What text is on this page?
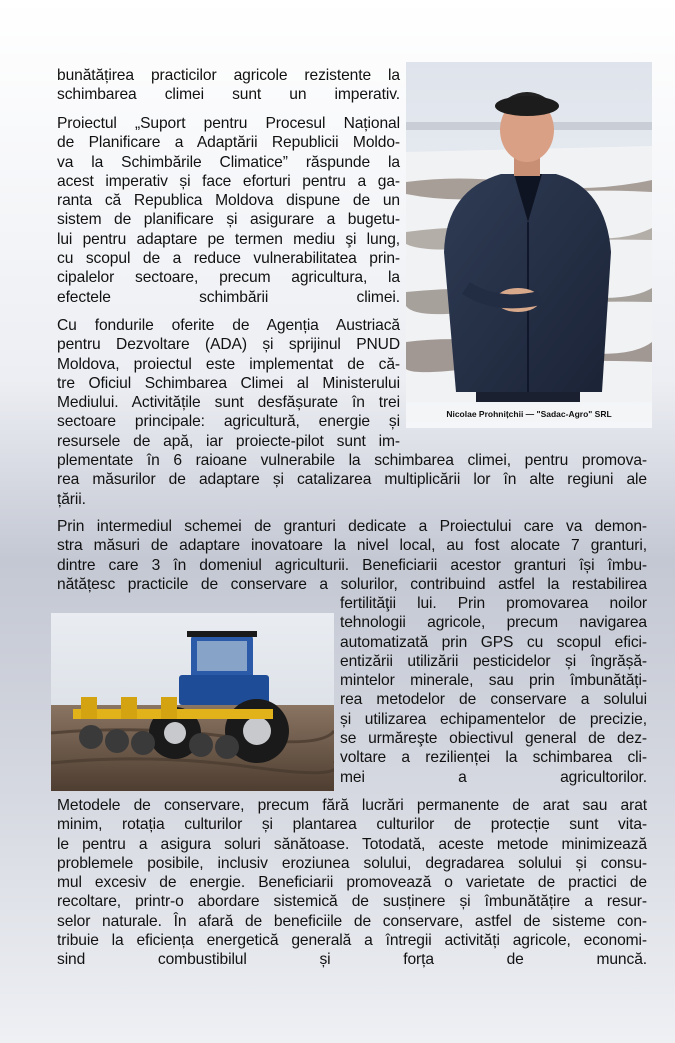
bunătățirea practicilor agricole rezistente la
schimbarea climei sunt un imperativ.
Proiectul „Suport pentru Procesul Național
de Planificare a Adaptării Republicii Moldo-
va la Schimbările Climatice” răspunde la
acest imperativ și face eforturi pentru a ga-
ranta că Republica Moldova dispune de un
sistem de planificare și asigurare a bugetu-
lui pentru adaptare pe termen mediu şi lung,
cu scopul de a reduce vulnerabilitatea prin-
cipalelor sectoare, precum agricultura, la
efectele schimbării climei.
Cu fondurile oferite de Agenția Austriacă
pentru Dezvoltare (ADA) și sprijinul PNUD
Moldova, proiectul este implementat de că-
tre Oficiul Schimbarea Climei al Ministerului
Mediului. Activitățile sunt desfășurate în trei
sectoare principale: agricultură, energie și
resursele de apă, iar proiecte-pilot sunt im-
plementate în 6 raioane vulnerabile la schimbarea climei, pentru promova-
rea măsurilor de adaptare și catalizarea multiplicării lor în alte regiuni ale
țării.
Prin intermediul schemei de granturi dedicate a Proiectului care va demon-
stra măsuri de adaptare inovatoare la nivel local, au fost alocate 7 granturi,
dintre care 3 în domeniul agriculturii. Beneficiarii acestor granturi își îmbu-
nătățesc practicile de conservare a solurilor, contribuind astfel la restabilirea
fertilităţii lui. Prin promovarea noilor
tehnologii agricole, precum navigarea
automatizată prin GPS cu scopul efici-
entizării utilizării pesticidelor și îngrășă-
mintelor minerale, sau prin îmbunătăți-
rea metodelor de conservare a solului
și utilizarea echipamentelor de precizie,
se urmăreşte obiectivul general de dez-
voltare a rezilienței la schimbarea cli-
mei a agricultorilor.
Metodele de conservare, precum fără lucrări permanente de arat sau arat
minim, rotația culturilor și plantarea culturilor de protecție sunt vita-
le pentru a asigura soluri sănătoase. Totodată, aceste metode minimizează
problemele posibile, inclusiv eroziunea solului, degradarea solului și consu-
mul excesiv de energie. Beneficiarii promovează o varietate de practici de
recoltare, printr-o abordare sistemică de susținere și îmbunătățire a resur-
selor naturale. În afară de beneficiile de conservare, astfel de sisteme con-
tribuie la eficiența energetică generală a întregii activități agricole, economi-
sind combustibilul și forța de muncă.
Nicolae Prohnițchii — "Sadac-Agro" SRL
